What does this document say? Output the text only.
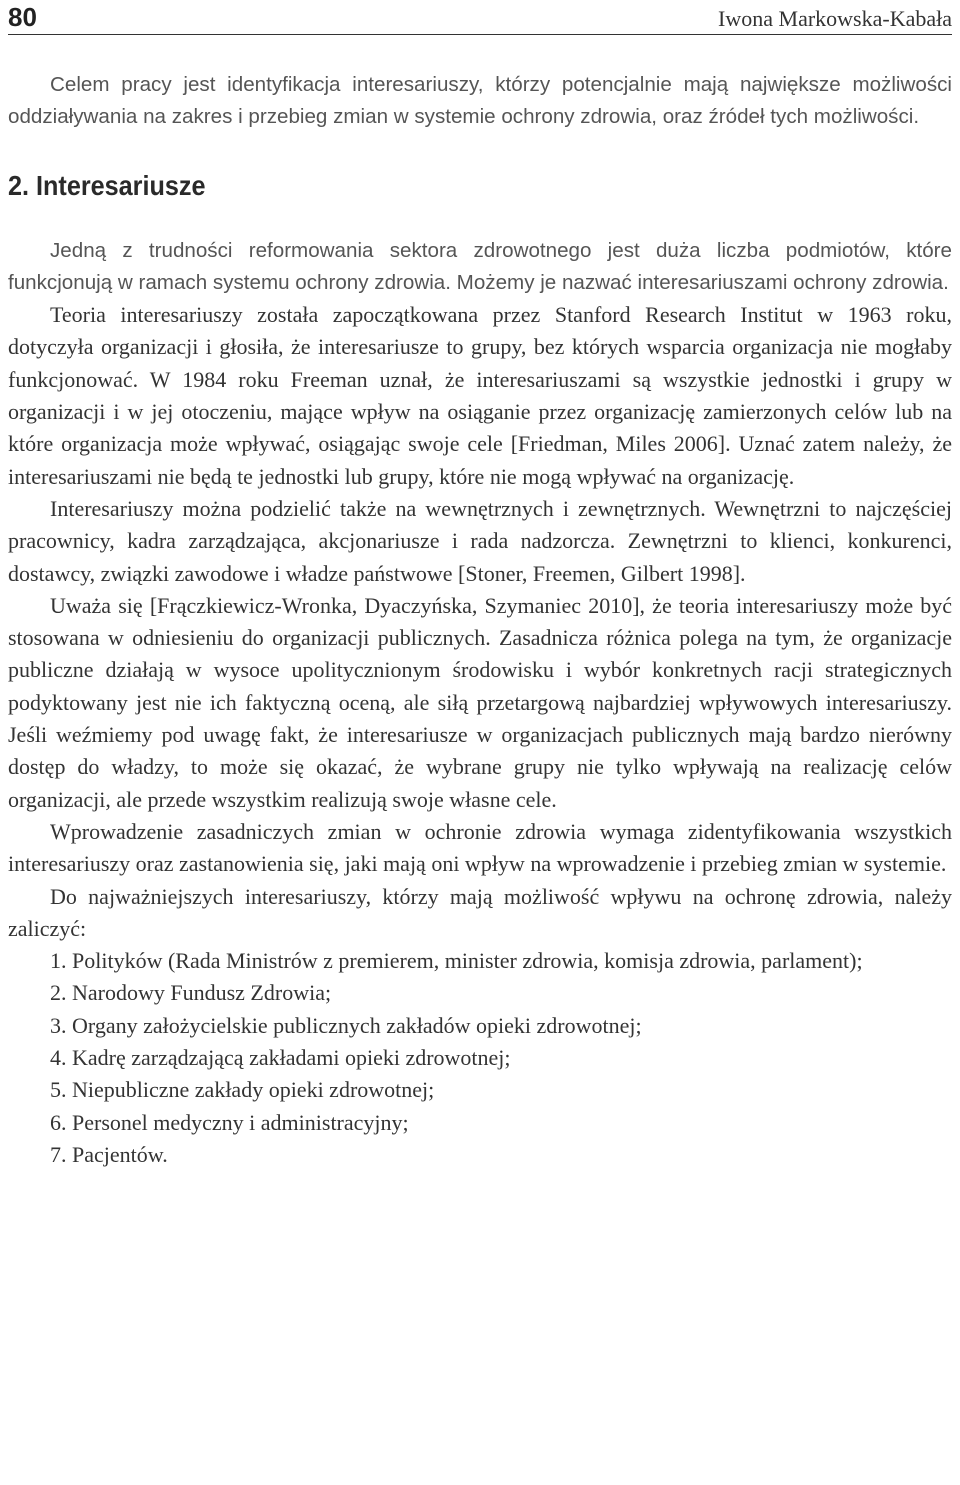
80	Iwona Markowska-Kabała

Celem pracy jest identyfikacja interesariuszy, którzy potencjalnie mają największe możliwości oddziaływania na zakres i przebieg zmian w systemie ochrony zdrowia, oraz źródeł tych możliwości.

2. Interesariusze

Jedną z trudności reformowania sektora zdrowotnego jest duża liczba podmiotów, które funkcjonują w ramach systemu ochrony zdrowia. Możemy je nazwać interesariuszami ochrony zdrowia.

Teoria interesariuszy została zapoczątkowana przez Stanford Research Institut w 1963 roku, dotyczyła organizacji i głosiła, że interesariusze to grupy, bez których wsparcia organizacja nie mogłaby funkcjonować. W 1984 roku Freeman uznał, że interesariuszami są wszystkie jednostki i grupy w organizacji i w jej otoczeniu, mające wpływ na osiąganie przez organizację zamierzonych celów lub na które organizacja może wpływać, osiągając swoje cele [Friedman, Miles 2006]. Uznać zatem należy, że interesariuszami nie będą te jednostki lub grupy, które nie mogą wpływać na organizację.

Interesariuszy można podzielić także na wewnętrznych i zewnętrznych. Wewnętrzni to najczęściej pracownicy, kadra zarządzająca, akcjonariusze i rada nadzorcza. Zewnętrzni to klienci, konkurenci, dostawcy, związki zawodowe i władze państwowe [Stoner, Freemen, Gilbert 1998].

Uważa się [Frączkiewicz-Wronka, Dyaczyńska, Szymaniec 2010], że teoria interesariuszy może być stosowana w odniesieniu do organizacji publicznych. Zasadnicza różnica polega na tym, że organizacje publiczne działają w wysoce upolitycznionym środowisku i wybór konkretnych racji strategicznych podyktowany jest nie ich faktyczną oceną, ale siłą przetargową najbardziej wpływowych interesariuszy. Jeśli weźmiemy pod uwagę fakt, że interesariusze w organizacjach publicznych mają bardzo nierówny dostęp do władzy, to może się okazać, że wybrane grupy nie tylko wpływają na realizację celów organizacji, ale przede wszystkim realizują swoje własne cele.

Wprowadzenie zasadniczych zmian w ochronie zdrowia wymaga zidentyfikowania wszystkich interesariuszy oraz zastanowienia się, jaki mają oni wpływ na wprowadzenie i przebieg zmian w systemie.

Do najważniejszych interesariuszy, którzy mają możliwość wpływu na ochronę zdrowia, należy zaliczyć:

1. Polityków (Rada Ministrów z premierem, minister zdrowia, komisja zdrowia, parlament);
2. Narodowy Fundusz Zdrowia;
3. Organy założycielskie publicznych zakładów opieki zdrowotnej;
4. Kadrę zarządzającą zakładami opieki zdrowotnej;
5. Niepubliczne zakłady opieki zdrowotnej;
6. Personel medyczny i administracyjny;
7. Pacjentów.
